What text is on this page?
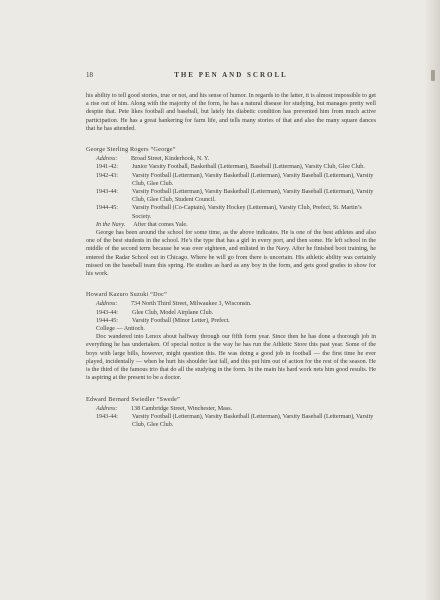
18	THE PEN AND SCROLL

his ability to tell good stories, true or not, and his sense of humor. In regards to the latter, it is almost impossible to get a rise out of him. Along with the majority of the form, he has a natural disease for studying, but manages pretty well despite that. Pete likes football and baseball, but lately his diabetic condition has prevented him from much active participation. He has a great hankering for farm life, and tells many stories of that and also the many square dances that he has attended.

George Sterling Rogers “George”
Address:	Broad Street, Kinderhook, N. Y.
1941-42:	Junior Varsity Football, Basketball (Letterman), Baseball (Letterman), Varsity Club, Glee Club.
1942-43:	Varsity Football (Letterman), Varsity Basketball (Letterman), Varsity Baseball (Letterman), Varsity Club, Glee Club.
1943-44:	Varsity Football (Letterman), Varsity Basketball (Letterman), Varsity Baseball (Letterman), Varsity Club, Glee Club, Student Council.
1944-45:	Varsity Football (Co-Captain), Varsity Hockey (Letterman), Varsity Club, Prefect, St. Martin’s Society.
In the Navy. After that comes Yale.

George has been around the school for some time, as the above indicates. He is one of the best athletes and also one of the best students in the school. He’s the type that has a girl in every port, and then some. He left school in the middle of the second term because he was over eighteen, and enlisted in the Navy. After he finished boot training, he entered the Radar School out in Chicago. Where he will go from there is uncertain. His athletic ability was certainly missed on the baseball team this spring. He studies as hard as any boy in the form, and gets good grades to show for his work.

Howard Kazuro Suzuki “Doc”
Address:	734 North Third Street, Milwaukee 3, Wisconsin.
1943-44:	Glee Club, Model Airplane Club.
1944-45:	Varsity Football (Minor Letter), Prefect.
College — Antioch.

Doc wandered into Lenox about halfway through our fifth form year. Since then he has done a thorough job in everything he has undertaken. Of special notice is the way he has run the Athletic Store this past year. Some of the boys with large bills, however, might question this. He was doing a good job in football — the first time he ever played, incidentally — when he hurt his shoulder last fall, and this put him out of action for the rest of the season. He is the third of the famous trio that do all the studying in the form. In the main his hard work nets him good results. He is aspiring at the present to be a doctor.

Edward Bernard Swiedler “Swede”
Address:	138 Cambridge Street, Winchester, Mass.
1943-44:	Varsity Football (Letterman), Varsity Basketball (Letterman), Varsity Baseball (Letterman), Varsity Club, Glee Club.
